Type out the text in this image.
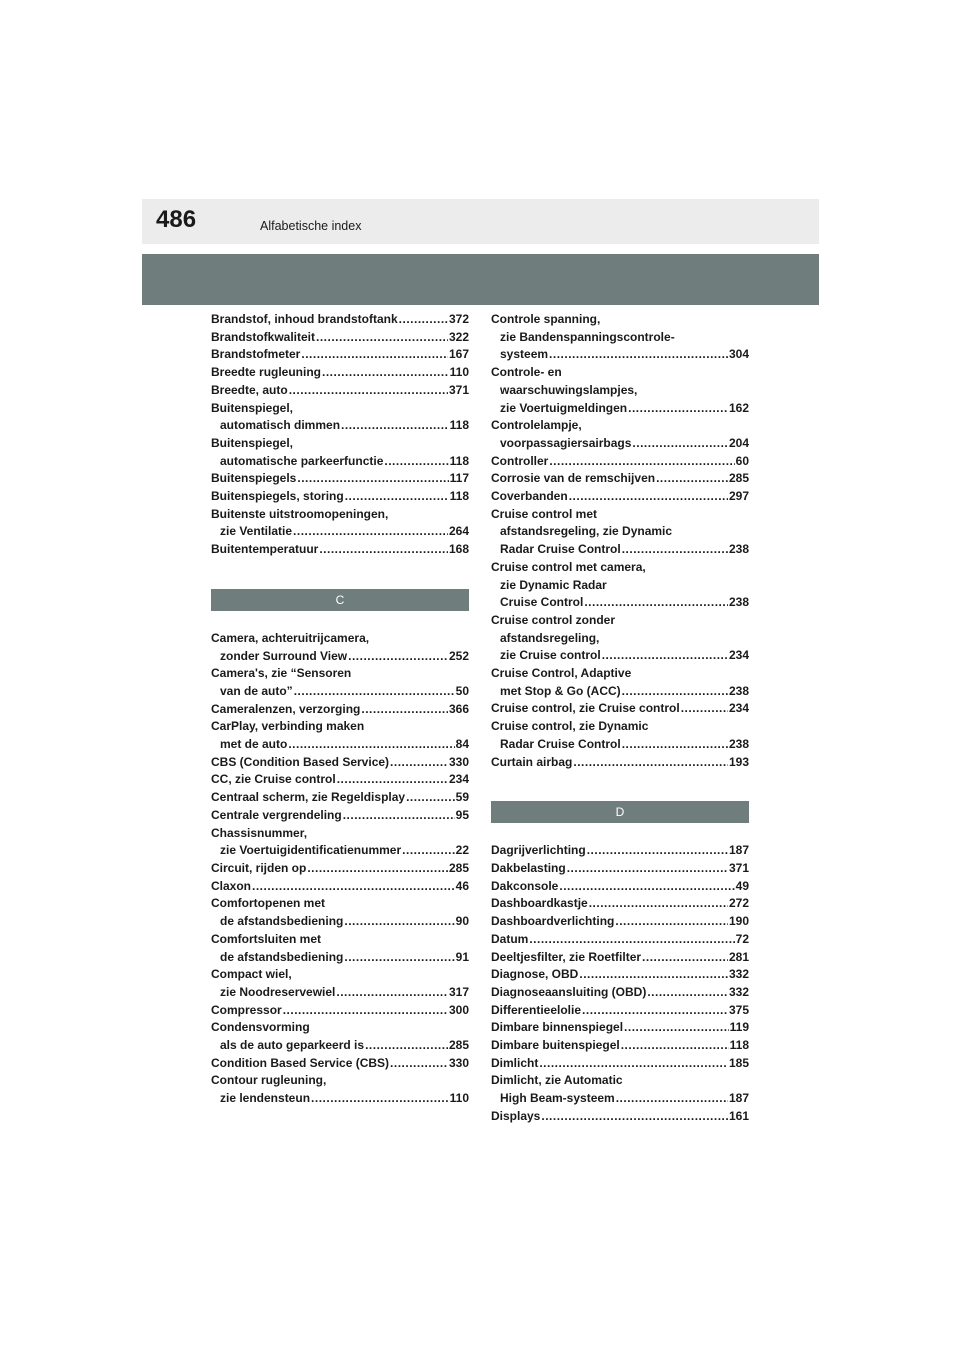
486	Alfabetische index
Brandstof, inhoud brandstoftank .....	372
Brandstofkwaliteit .....	322
Brandstofmeter .....	167
Breedte rugleuning .....	110
Breedte, auto .....	371
Buitenspiegel,
automatisch dimmen .....	118
Buitenspiegel,
automatische parkeerfunctie .....	118
Buitenspiegels .....	117
Buitenspiegels, storing .....	118
Buitenste uitstroomopeningen,
zie Ventilatie .....	264
Buitentemperatuur .....	168
C
Camera, achteruitrijcamera,
zonder Surround View .....	252
Camera's, zie “Sensoren
van de auto” .....	50
Cameralenzen, verzorging .....	366
CarPlay, verbinding maken
met de auto .....	84
CBS (Condition Based Service) .....	330
CC, zie Cruise control .....	234
Centraal scherm, zie Regeldisplay .....	59
Centrale vergrendeling .....	95
Chassisnummer,
zie Voertuigidentificatienummer .....	22
Circuit, rijden op .....	285
Claxon .....	46
Comfortopenen met
de afstandsbediening .....	90
Comfortsluiten met
de afstandsbediening .....	91
Compact wiel,
zie Noodreservewiel .....	317
Compressor .....	300
Condensvorming
als de auto geparkeerd is .....	285
Condition Based Service (CBS) .....	330
Contour rugleuning,
zie lendensteun .....	110
Controle spanning,
zie Bandenspanningscontrole-
systeem .....	304
Controle- en
waarschuwingslampjes,
zie Voertuigmeldingen .....	162
Controlelampje,
voorpassagiersairbags .....	204
Controller .....	60
Corrosie van de remschijven .....	285
Coverbanden .....	297
Cruise control met
afstandsregeling, zie Dynamic
Radar Cruise Control .....	238
Cruise control met camera,
zie Dynamic Radar
Cruise Control .....	238
Cruise control zonder
afstandsregeling,
zie Cruise control .....	234
Cruise Control, Adaptive
met Stop & Go (ACC) .....	238
Cruise control, zie Cruise control .....	234
Cruise control, zie Dynamic
Radar Cruise Control .....	238
Curtain airbag .....	193
D
Dagrijverlichting .....	187
Dakbelasting .....	371
Dakconsole .....	49
Dashboardkastje .....	272
Dashboardverlichting .....	190
Datum .....	72
Deeltjesfilter, zie Roetfilter .....	281
Diagnose, OBD .....	332
Diagnoseaansluiting (OBD) .....	332
Differentieelolie .....	375
Dimbare binnenspiegel .....	119
Dimbare buitenspiegel .....	118
Dimlicht .....	185
Dimlicht, zie Automatic
High Beam-systeem .....	187
Displays .....	161
